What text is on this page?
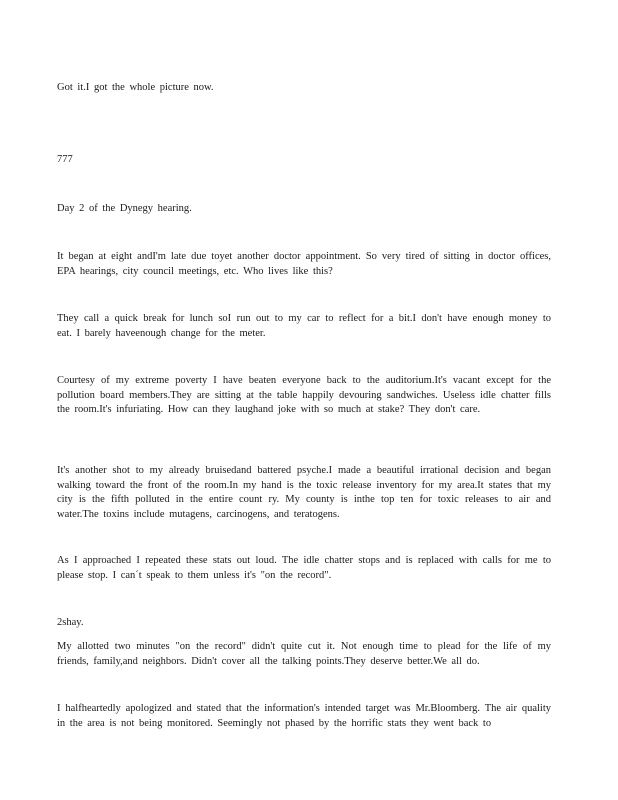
Got it.I got the whole picture now.
777
Day 2 of the Dynegy hearing.
It began at eight andI'm late due toyet another doctor appointment. So very tired of sitting in doctor offices, EPA hearings, city council meetings, etc. Who lives like this?
They call a quick break for lunch soI run out to my car to reflect for a bit.I don't have enough money to eat. I barely haveenough change for the meter.
Courtesy of my extreme poverty I have beaten everyone back to the auditorium.It's vacant except for the pollution board members.They are sitting at the table happily devouring sandwiches. Useless idle chatter fills the room.It's infuriating. How can they laughand joke with so much at stake? They don't care.
It's another shot to my already bruisedand battered psyche.I made a beautiful irrational decision and began walking toward the front of the room.In my hand is the toxic release inventory for my area.It states that my city is the fifth polluted in the entire count ry. My county is inthe top ten for toxic releases to air and water.The toxins include mutagens, carcinogens, and teratogens.
As I approached I repeated these stats out loud. The idle chatter stops and is replaced with calls for me to please stop. I can´t speak to them unless it's "on the record".
2shay.
My allotted two minutes "on the record" didn't quite cut it. Not enough time to plead for the life of my friends, family,and neighbors. Didn't cover all the talking points.They deserve better.We all do.
I halfheartedly apologized and stated that the information's intended target was Mr.Bloomberg. The air quality in the area is not being monitored. Seemingly not phased by the horrific stats they went back to
